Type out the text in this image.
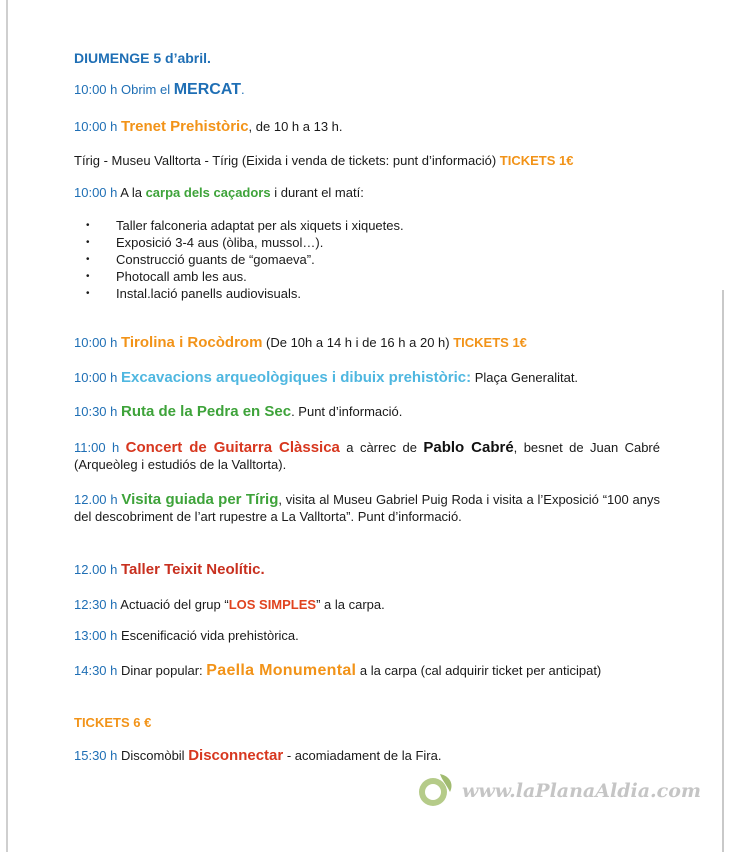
DIUMENGE 5 d’abril.
10:00 h Obrim el MERCAT.
10:00 h Trenet Prehistòric, de 10 h a 13 h.
Tírig - Museu Valltorta - Tírig (Eixida i venda de tickets: punt d’informació) TICKETS 1€
10:00 h A la carpa dels caçadors i durant el matí:
• Taller falconeria adaptat per als xiquets i xiquetes.
• Exposició 3-4 aus (òliba, mussol…).
• Construcció guants de “gomaeva”.
• Photocall amb les aus.
• Instal.lació panells audiovisuals.
10:00 h Tirolina i Rocòdrom (De 10h a 14 h i de 16 h a 20 h) TICKETS 1€
10:00 h Excavacions arqueològiques i dibuix prehistòric: Plaça Generalitat.
10:30 h Ruta de la Pedra en Sec. Punt d’informació.
11:00 h Concert de Guitarra Clàssica a càrrec de Pablo Cabré, besnet de Juan Cabré (Arqueòleg i estudiós de la Valltorta).
12.00 h Visita guiada per Tírig, visita al Museu Gabriel Puig Roda i visita a l’Exposició “100 anys del descobriment de l’art rupestre a La Valltorta”. Punt d’informació.
12.00 h Taller Teixit Neolític.
12:30 h Actuació del grup “LOS SIMPLES” a la carpa.
13:00 h Escenificació vida prehistòrica.
14:30 h Dinar popular: Paella Monumental a la carpa (cal adquirir ticket per anticipat)
TICKETS 6 €
15:30 h Discomòbil Disconnectar - acomiadament de la Fira.
www.laPlanaAldia.com
